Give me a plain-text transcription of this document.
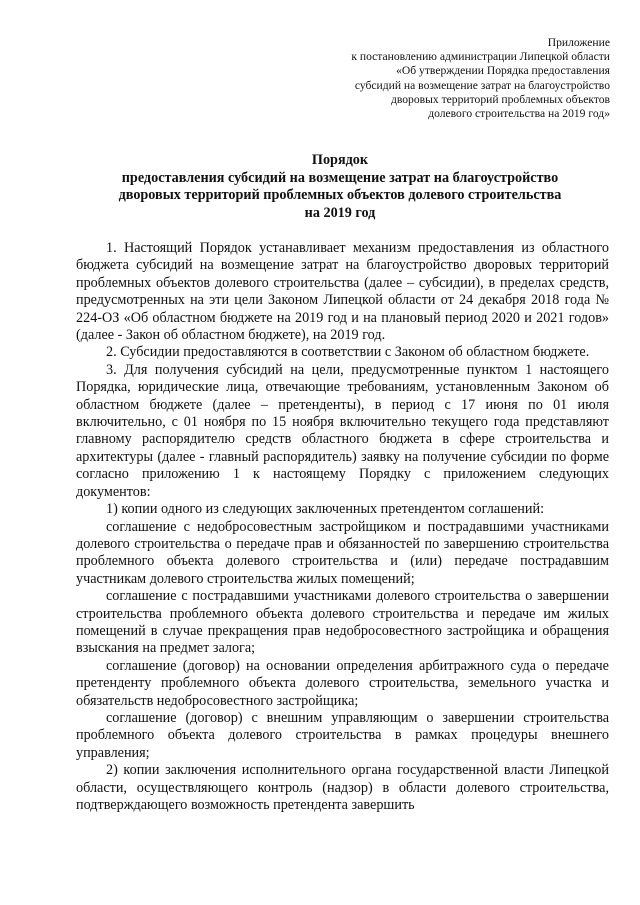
Приложение
к постановлению администрации Липецкой области
«Об утверждении Порядка предоставления
субсидий на возмещение затрат на благоустройство
дворовых территорий проблемных объектов
долевого строительства на 2019 год»
Порядок
предоставления субсидий на возмещение затрат на благоустройство
дворовых территорий проблемных объектов долевого строительства
на 2019 год

1. Настоящий Порядок устанавливает механизм предоставления из областного бюджета субсидий на возмещение затрат на благоустройство дворовых территорий проблемных объектов долевого строительства (далее – субсидии), в пределах средств, предусмотренных на эти цели Законом Липецкой области от 24 декабря 2018 года № 224-ОЗ «Об областном бюджете на 2019 год и на плановый период 2020 и 2021 годов» (далее - Закон об областном бюджете), на 2019 год.

2. Субсидии предоставляются в соответствии с Законом об областном бюджете.

3. Для получения субсидий на цели, предусмотренные пунктом 1 настоящего Порядка, юридические лица, отвечающие требованиям, установленным Законом об областном бюджете (далее – претенденты), в период с 17 июня по 01 июля включительно, с 01 ноября по 15 ноября включительно текущего года представляют главному распорядителю средств областного бюджета в сфере строительства и архитектуры (далее - главный распорядитель) заявку на получение субсидии по форме согласно приложению 1 к настоящему Порядку с приложением следующих документов:

1) копии одного из следующих заключенных претендентом соглашений:

соглашение с недобросовестным застройщиком и пострадавшими участниками долевого строительства о передаче прав и обязанностей по завершению строительства проблемного объекта долевого строительства и (или) передаче пострадавшим участникам долевого строительства жилых помещений;

соглашение с пострадавшими участниками долевого строительства о завершении строительства проблемного объекта долевого строительства и передаче им жилых помещений в случае прекращения прав недобросовестного застройщика и обращения взыскания на предмет залога;

соглашение (договор) на основании определения арбитражного суда о передаче претенденту проблемного объекта долевого строительства, земельного участка и обязательств недобросовестного застройщика;

соглашение (договор) с внешним управляющим о завершении строительства проблемного объекта долевого строительства в рамках процедуры внешнего управления;

2) копии заключения исполнительного органа государственной власти Липецкой области, осуществляющего контроль (надзор) в области долевого строительства, подтверждающего возможность претендента завершить
